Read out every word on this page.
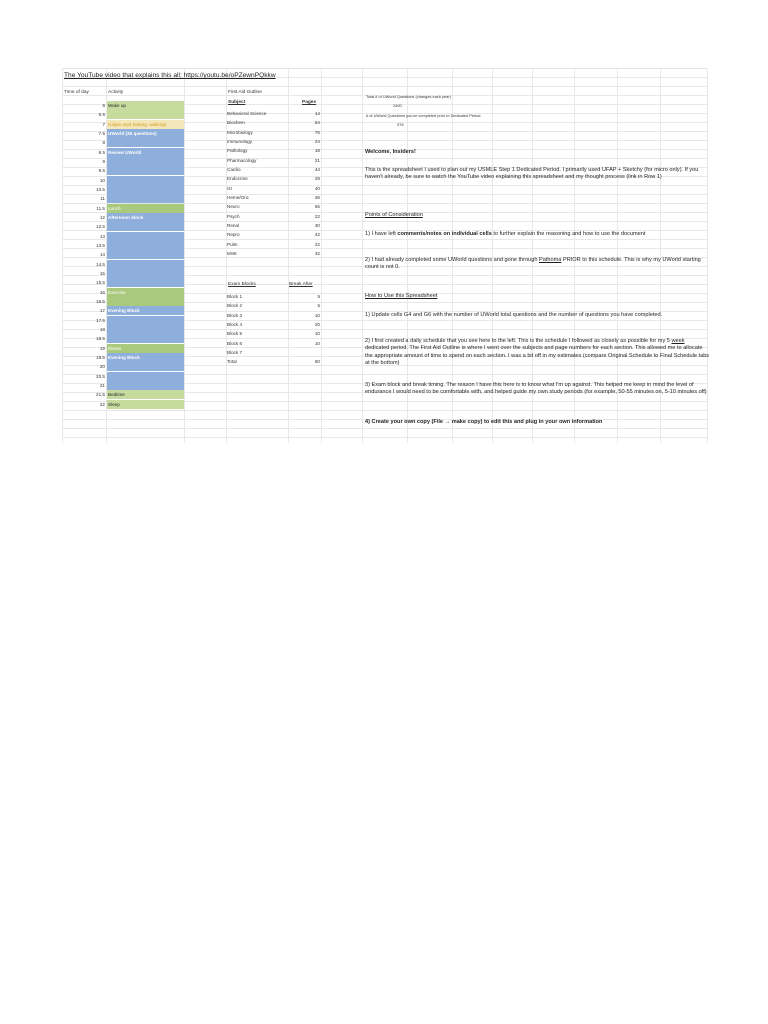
The YouTube video that explains this all: https://youtu.be/oPZewnPQkkw
Time of day	Activity
6 Wake up
6.5
7 Goljan.mp3 (eating, walking)
7.5 UWorld (46 questions)
8
8.5 Review UWorld
9
9.5
10
10.5
11
11.5 Lunch
12 Afternoon block
12.5
13
13.5
14
14.5
15
15.5
16 Exercise
16.5
17 Evening Block
17.5
18
18.5
19 Dinner
19.5 Evening Block
20
20.5
21
21.5 Bedtime
22 Sleep
First Aid Outline
Subject	Pages
Behavioral Science	14
Biochem	54
Microbiology	76
Immunology	24
Pathology	18
Pharmacology	21
Cardio	44
Endocrine	28
GI	40
Heme/Onc	36
Neuro	56
Psych	22
Renal	30
Repro	42
Pulm	22
MSK	32
Exam Blocks	Break After
Block 1	5
Block 2	5
Block 3	10
Block 4	20
Block 5	10
Block 6	10
Block 7
Total	60
Total # of UWorld Questions (changes each year)
2400
# of UWorld Questions you've completed prior to Dedicated Period
978
Welcome, Insiders!
This is the spreadsheet I used to plan out my USMLE Step 1 Dedicated Period. I primarily used UFAP + Sketchy (for micro only). If you haven't already, be sure to watch the YouTube video explaining this spreadsheet and my thought process (link in Row 1)
Points of Consideration
1) I have left comments/notes on individual cells to further explain the reasoning and how to use the document
2) I had already completed some UWorld questions and gone through Pathoma PRIOR to this schedule. This is why my UWorld starting count is not 0.
How to Use this Spreadsheet
1) Update cells G4 and G6 with the number of UWorld total questions and the number of questions you have completed.
2) I first created a daily schedule that you see here to the left. This is the schedule I followed as closely as possible for my 5 week dedicated period. The First Aid Outline is where I went over the subjects and page numbers for each section. This allowed me to allocate the appropriate amount of time to spend on each section. I was a bit off in my estimates (compare Original Schedule to Final Schedule tabs at the bottom)
3) Exam block and break timing. The reason I have this here is to know what I'm up against. This helped me keep in mind the level of endurance I would need to be comfortable with, and helped guide my own study periods (for example, 50-55 minutes on, 5-10 minutes off)
4) Create your own copy (File → make copy) to edit this and plug in your own information
